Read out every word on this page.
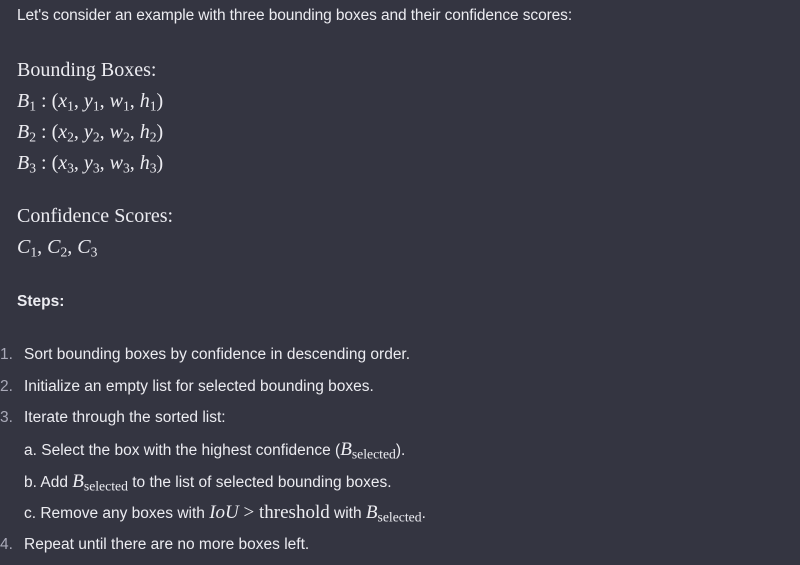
Let's consider an example with three bounding boxes and their confidence scores:
Bounding Boxes:
$B_1$ : ($x_1$, $y_1$, $w_1$, $h_1$)
$B_2$ : ($x_2$, $y_2$, $w_2$, $h_2$)
$B_3$ : ($x_3$, $y_3$, $w_3$, $h_3$)
Confidence Scores:
$C_1$, $C_2$, $C_3$
Steps:
1. Sort bounding boxes by confidence in descending order.
2. Initialize an empty list for selected bounding boxes.
3. Iterate through the sorted list:
a. Select the box with the highest confidence $(B_{selected})$.
b. Add $B_{selected}$ to the list of selected bounding boxes.
c. Remove any boxes with IoU > threshold with $B_{selected}$.
4. Repeat until there are no more boxes left.
